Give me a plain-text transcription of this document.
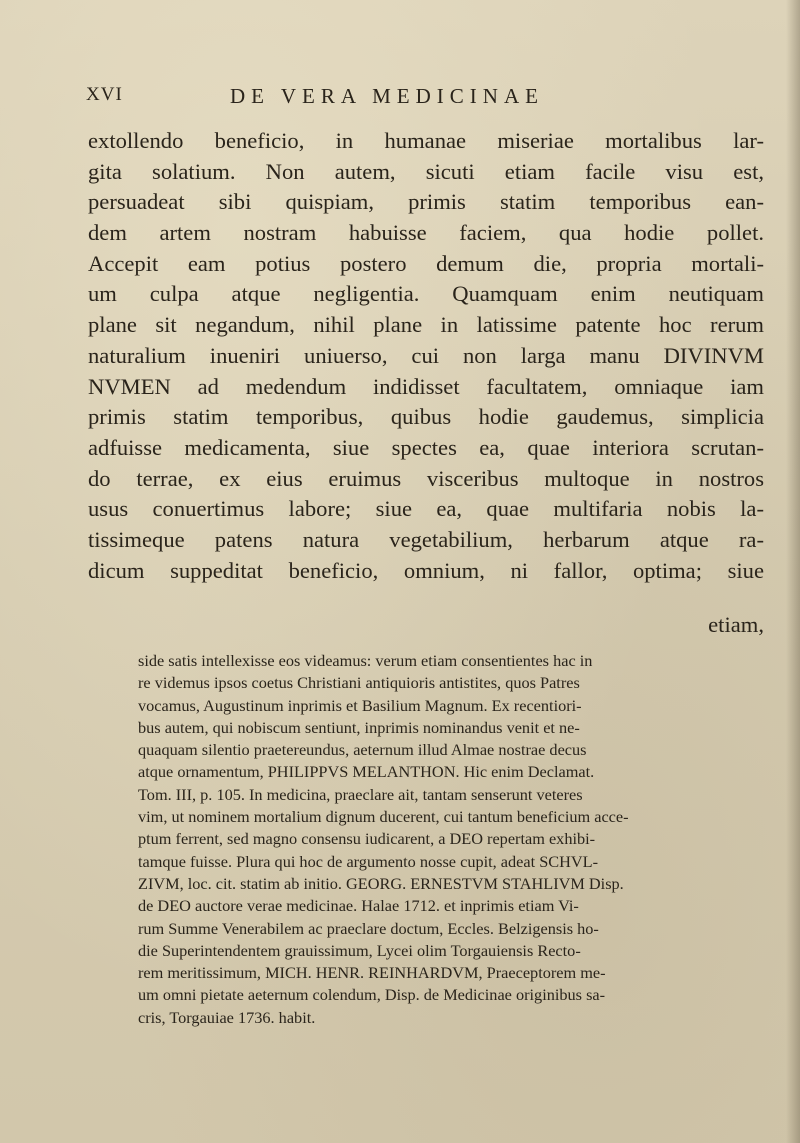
XVI	DE VERA MEDICINAE
extollendo beneficio, in humanae miseriae mortalibus lar-
gita solatium. Non autem, sicuti etiam facile visu est,
persuadeat sibi quispiam, primis statim temporibus ean-
dem artem nostram habuisse faciem, qua hodie pollet.
Accepit eam potius postero demum die, propria mortali-
um culpa atque negligentia. Quamquam enim neutiquam
plane sit negandum, nihil plane in latissime patente hoc rerum
naturalium inueniri uniuerso, cui non larga manu DIVINVM
NVMEN ad medendum indidisset facultatem, omniaque iam
primis statim temporibus, quibus hodie gaudemus, simplicia
adfuisse medicamenta, siue spectes ea, quae interiora scrutan-
do terrae, ex eius eruimus visceribus multoque in nostros
usus conuertimus labore; siue ea, quae multifaria nobis la-
tissimeque patens natura vegetabilium, herbarum atque ra-
dicum suppeditat beneficio, omnium, ni fallor, optima; siue
etiam,
side satis intellexisse eos videamus: verum etiam consentientes hac in
re videmus ipsos coetus Christiani antiquioris antistites, quos Patres
vocamus, Augustinum inprimis et Basilium Magnum. Ex recentiori-
bus autem, qui nobiscum sentiunt, inprimis nominandus venit et ne-
quaquam silentio praetereundus, aeternum illud Almae nostrae decus
atque ornamentum, PHILIPPVS MELANTHON. Hic enim Declamat.
Tom. III, p. 105. In medicina, praeclare ait, tantam senserunt veteres
vim, ut nominem mortalium dignum ducerent, cui tantum beneficium acce-
ptum ferrent, sed magno consensu iudicarent, a DEO repertam exhibi-
tamque fuisse. Plura qui hoc de argumento nosse cupit, adeat SCHVL-
ZIVM, loc. cit. statim ab initio. GEORG. ERNESTVM STAHLIVM Disp.
de DEO auctore verae medicinae. Halae 1712. et inprimis etiam Vi-
rum Summe Venerabilem ac praeclare doctum, Eccles. Belzigensis ho-
die Superintendentem grauissimum, Lycei olim Torgauiensis Recto-
rem meritissimum, MICH. HENR. REINHARDVM, Praeceptorem me-
um omni pietate aeternum colendum, Disp. de Medicinae originibus sa-
cris, Torgauiae 1736. habit.
